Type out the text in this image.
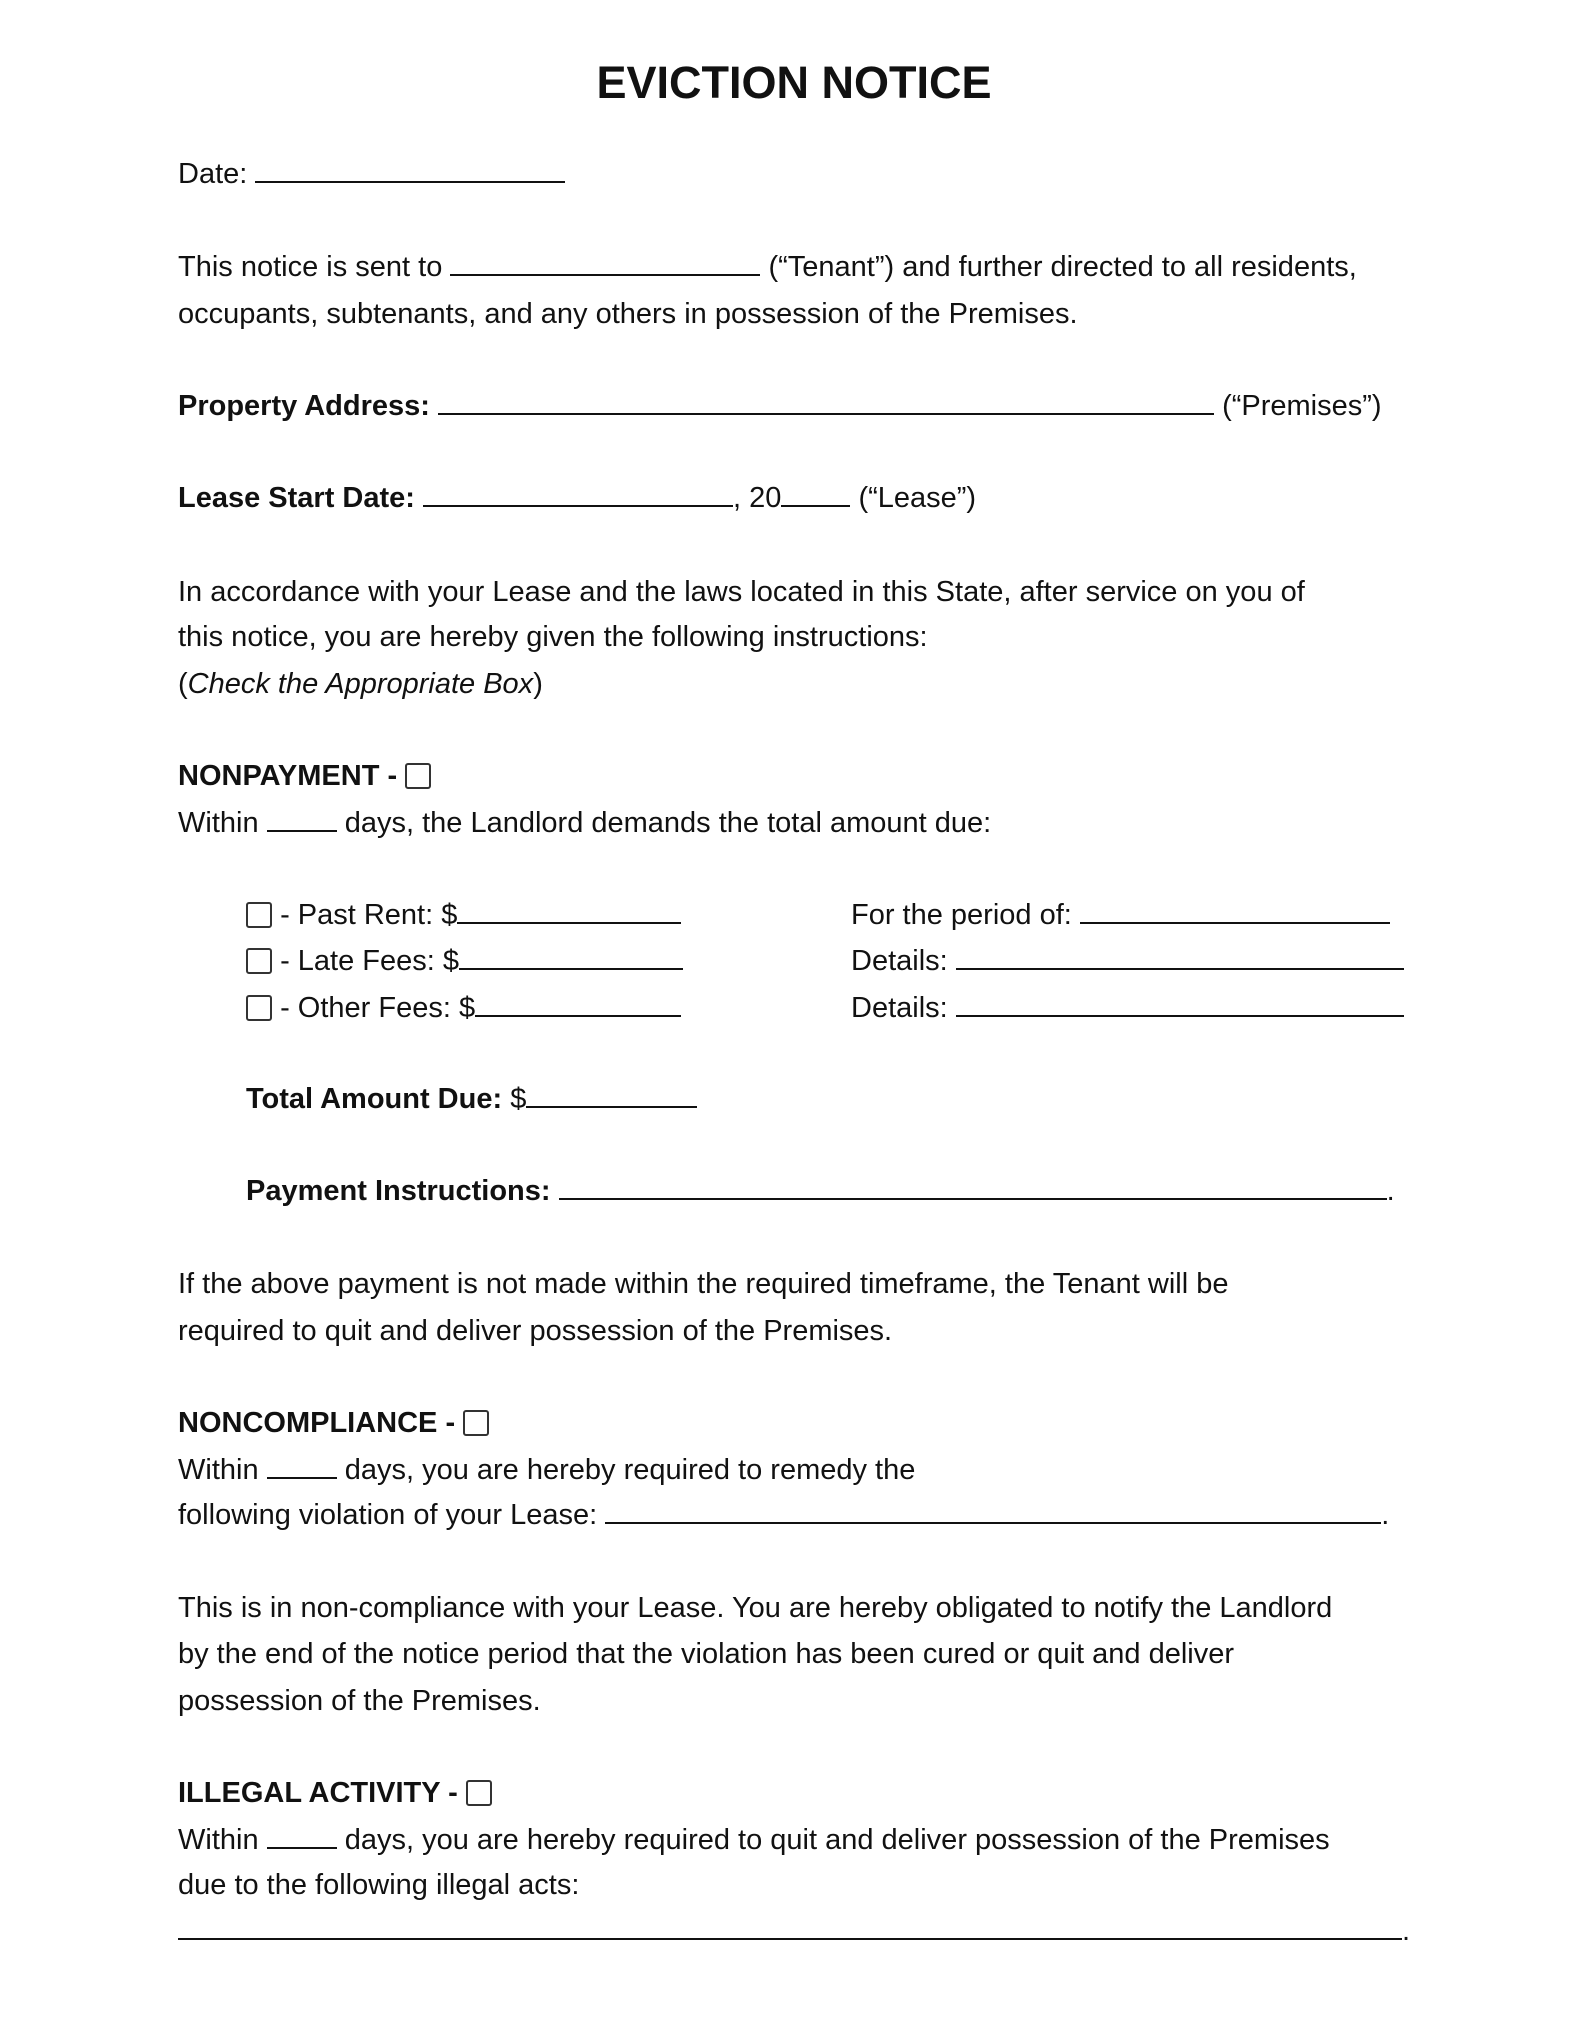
EVICTION NOTICE
Date:
This notice is sent to	(“Tenant”) and further directed to all residents,
occupants, subtenants, and any others in possession of the Premises.
Property Address:	(“Premises”)
Lease Start Date:	, 20	(“Lease”)
In accordance with your Lease and the laws located in this State, after service on you of
this notice, you are hereby given the following instructions:
(Check the Appropriate Box)
NONPAYMENT -
Within	days, the Landlord demands the total amount due:
- Past Rent: $	For the period of:
- Late Fees: $	Details:
- Other Fees: $	Details:
Total Amount Due: $
Payment Instructions:	.
If the above payment is not made within the required timeframe, the Tenant will be
required to quit and deliver possession of the Premises.
NONCOMPLIANCE -
Within	days, you are hereby required to remedy the
following violation of your Lease:	.
This is in non-compliance with your Lease. You are hereby obligated to notify the Landlord
by the end of the notice period that the violation has been cured or quit and deliver
possession of the Premises.
ILLEGAL ACTIVITY -
Within	days, you are hereby required to quit and deliver possession of the Premises
due to the following illegal acts:
.
